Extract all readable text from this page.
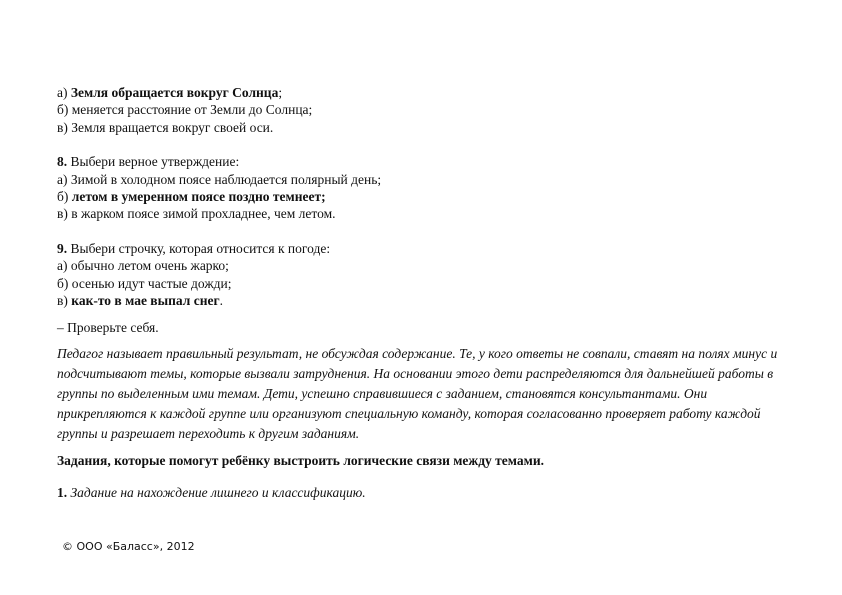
а) Земля обращается вокруг Солнца;
б) меняется расстояние от Земли до Солнца;
в) Земля вращается вокруг своей оси.
8. Выбери верное утверждение:
а) Зимой в холодном поясе наблюдается полярный день;
б) летом в умеренном поясе поздно темнеет;
в) в жарком поясе зимой прохладнее, чем летом.
9. Выбери строчку, которая относится к погоде:
а) обычно летом очень жарко;
б) осенью идут частые дожди;
в) как-то в мае выпал снег.
– Проверьте себя.
Педагог называет правильный результат, не обсуждая содержание. Те, у кого ответы не совпали, ставят на полях минус и подсчитывают темы, которые вызвали затруднения. На основании этого дети распределяются для дальнейшей работы в группы по выделенным ими темам. Дети, успешно справившиеся с заданием, становятся консультантами. Они прикрепляются к каждой группе или организуют специальную команду, которая согласованно проверяет работу каждой группы и разрешает переходить к другим заданиям.
Задания, которые помогут ребёнку выстроить логические связи между темами.
1. Задание на нахождение лишнего и классификацию.
© ООО «Баласс», 2012
